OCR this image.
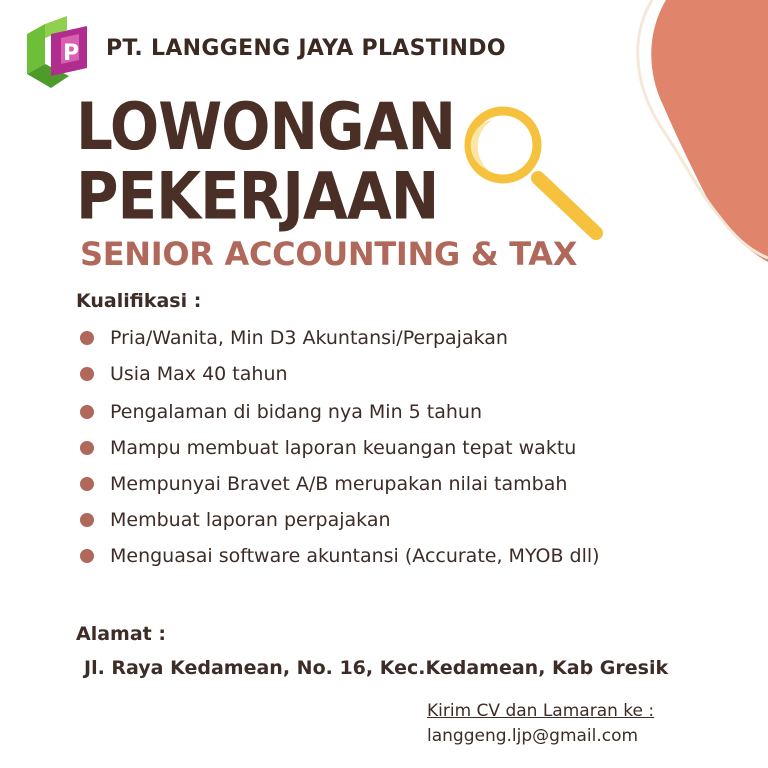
P PT. LANGGENG JAYA PLASTINDO
LOWONGAN
PEKERJAAN
SENIOR ACCOUNTING & TAX
Kualifikasi :
Pria/Wanita, Min D3 Akuntansi/Perpajakan
Usia Max 40 tahun
Pengalaman di bidang nya Min 5 tahun
Mampu membuat laporan keuangan tepat waktu
Mempunyai Bravet A/B merupakan nilai tambah
Membuat laporan perpajakan
Menguasai software akuntansi (Accurate, MYOB dll)
Alamat :
Jl. Raya Kedamean, No. 16, Kec.Kedamean, Kab Gresik
Kirim CV dan Lamaran ke :
langgeng.ljp@gmail.com
